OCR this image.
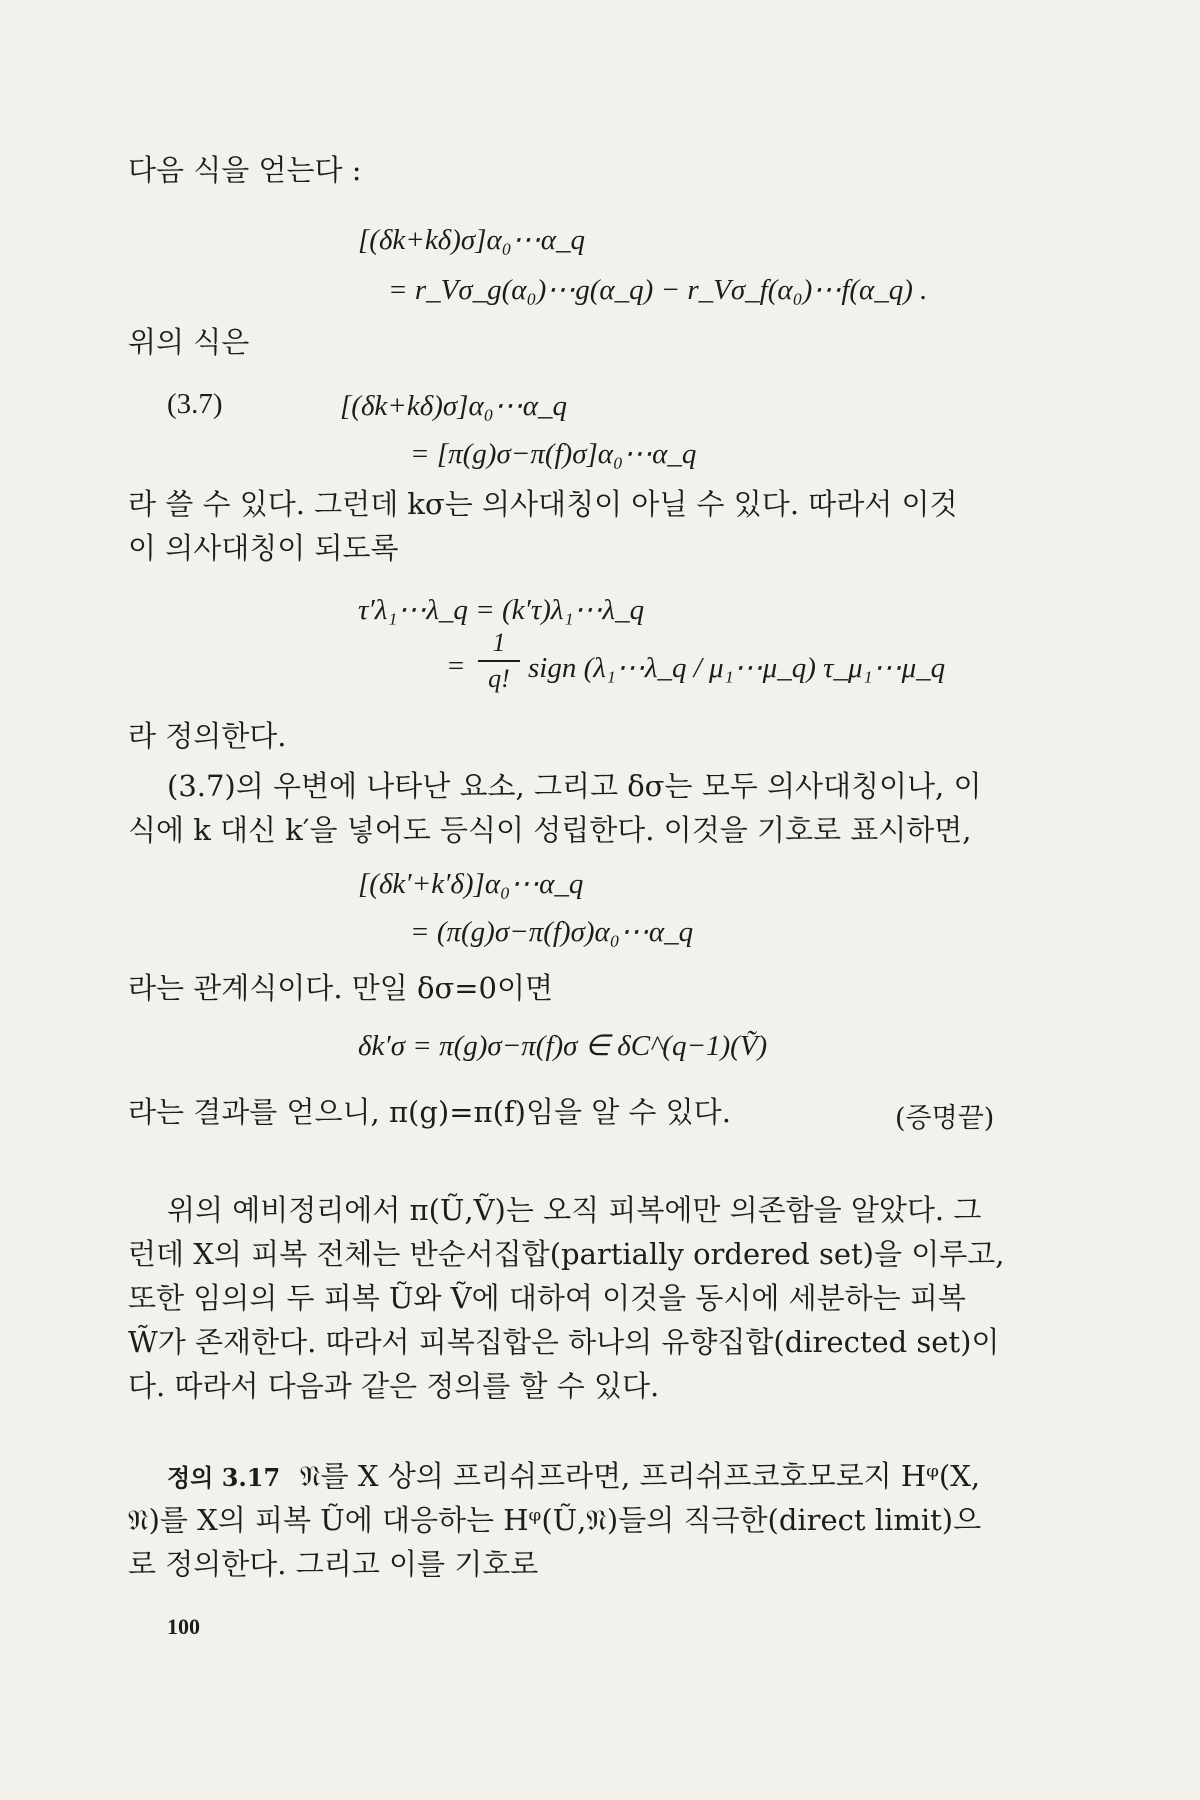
다음 식을 얻는다 :
[(δk+kδ)σ]α₀⋯α_q
= r_Vσ_g(α₀)⋯g(α_q) − r_Vσ_f(α₀)⋯f(α_q) .
위의 식은
(3.7)	[(δk+kδ)σ]α₀⋯α_q
= [π(g)σ−π(f)σ]α₀⋯α_q
라 쓸 수 있다. 그런데 kσ는 의사대칭이 아닐 수 있다. 따라서 이것
이 의사대칭이 되도록
τ′λ₁⋯λ_q = (k′τ)λ₁⋯λ_q
=
1
q! sign (λ₁⋯λ_q / μ₁⋯μ_q) τ_μ₁⋯μ_q
라 정의한다.
(3.7)의 우변에 나타난 요소, 그리고 δσ는 모두 의사대칭이나, 이
식에 k 대신 k′을 넣어도 등식이 성립한다. 이것을 기호로 표시하면,
[(δk′+k′δ)]α₀⋯α_q
= (π(g)σ−π(f)σ)α₀⋯α_q
라는 관계식이다. 만일 δσ=0이면
δk′σ = π(g)σ−π(f)σ ∈ δC^(q−1)(Ṽ)
라는 결과를 얻으니, π(g)=π(f)임을 알 수 있다.	(증명끝)
위의 예비정리에서 π(Ũ,Ṽ)는 오직 피복에만 의존함을 알았다. 그
런데 X의 피복 전체는 반순서집합(partially ordered set)을 이루고,
또한 임의의 두 피복 Ũ와 Ṽ에 대하여 이것을 동시에 세분하는 피복
W̃가 존재한다. 따라서 피복집합은 하나의 유향집합(directed set)이
다. 따라서 다음과 같은 정의를 할 수 있다.
정의 3.17 𝔑를 X 상의 프리쉬프라면, 프리쉬프코호모로지 Hᵠ(X,
𝔑)를 X의 피복 Ũ에 대응하는 Hᵠ(Ũ,𝔑)들의 직극한(direct limit)으
로 정의한다. 그리고 이를 기호로
100
